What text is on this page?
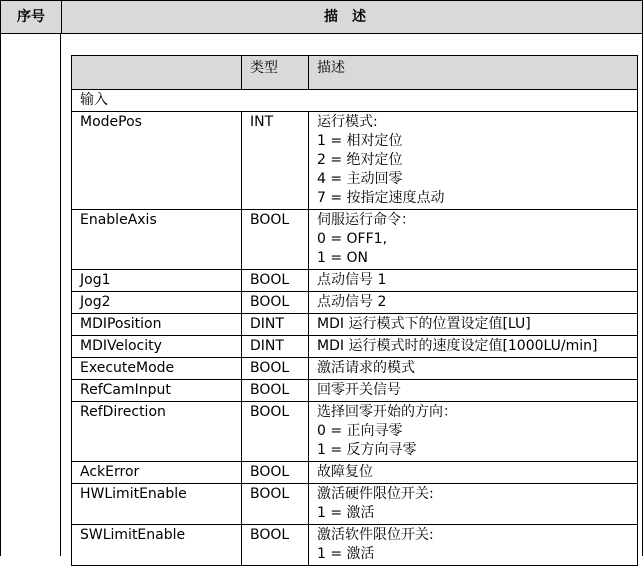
序号	描述
	类型	描述
输入		
ModePos	INT	运行模式:
1 = 相对定位
2 = 绝对定位
4 = 主动回零
7 = 按指定速度点动

EnableAxis	BOOL	伺服运行命令：
0 = OFF1,
1 = ON

Jog1	BOOL	点动信号 1

Jog2	BOOL	点动信号 2

MDIPosition	DINT	MDI 运行模式下的位置设定值[LU]

MDIVelocity	DINT	MDI 运行模式时的速度设定值[1000LU/min]

ExecuteMode	BOOL	激活请求的模式

RefCamInput	BOOL	回零开关信号

RefDirection	BOOL	选择回零开始的方向：
0 = 正向寻零
1 = 反方向寻零

AckError	BOOL	故障复位

HWLimitEnable	BOOL	激活硬件限位开关:
1 = 激活

SWLimitEnable	BOOL	激活软件限位开关:
1 = 激活
